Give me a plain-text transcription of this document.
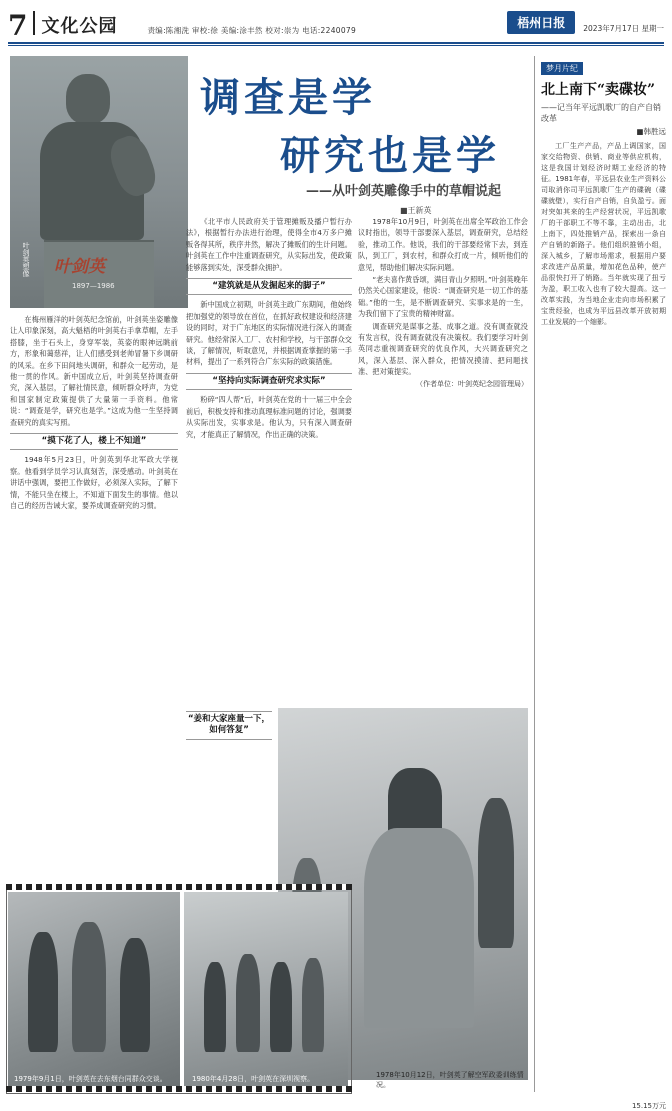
7 文化公园	责编:陈湘洗 审校:徐 美编:涂丰然 校对:崇为 电话:2240079
梧州日报	2023年7月17日 星期一
叶剑英
1897—1986
叶剑英塑像
调查是学
研究也是学
——从叶剑英雕像手中的草帽说起
■王新英

在梅州雁洋的叶剑英纪念馆前，叶剑英坐姿雕像让人印象深刻，高大魁梧的叶剑英右手拿草帽，左手搭膝，坐于石头上，身穿军装，英姿的眼神远眺前方，形象和蔼慈祥，让人们感受到老帅冒暑下乡调研的风采。在乡下田间地头调研，和群众一起劳动，是他一贯的作风。新中国成立后，叶剑英坚持调查研究，深入基层，了解社情民意，倾听群众呼声，为党和国家制定政策提供了大量第一手资料。他常说：“调查是学，研究也是学。”这成为他一生坚持调查研究的真实写照。

“摸下花了人，楼上不知道”

1948年5月23日，叶剑英到华北军政大学视察。他看到学员学习认真刻苦，深受感动。叶剑英在讲话中强调，要把工作做好，必须深入实际，了解下情，不能只坐在楼上，不知道下面发生的事情。他以自己的经历告诫大家，要养成调查研究的习惯。

《北平市人民政府关于管理摊贩及播户暂行办法》，根据暂行办法进行治理，使得全市4万多户摊贩各得其所，秩序井然，解决了摊贩们的生计问题。叶剑英在工作中注重调查研究，从实际出发，使政策能够落到实处，深受群众拥护。

“建筑就是从发掘起来的脚子”

新中国成立初期，叶剑英主政广东期间，他始终把加强党的领导放在首位，在抓好政权建设和经济建设的同时，对于广东地区的实际情况进行深入的调查研究。他经常深入工厂、农村和学校，与干部群众交谈，了解情况，听取意见，并根据调查掌握的第一手材料，提出了一系列符合广东实际的政策措施。

“坚持向实际调查研究求实际”

粉碎“四人帮”后，叶剑英在党的十一届三中全会前后，积极支持和推动真理标准问题的讨论，强调要从实际出发，实事求是。他认为，只有深入调查研究，才能真正了解情况，作出正确的决策。

“姜和大家座量一下，如何答复”

1978年10月9日，叶剑英在出席全军政治工作会议时指出，领导干部要深入基层，调查研究，总结经验，推动工作。他说，我们的干部要经常下去，到连队，到工厂，到农村，和群众打成一片，倾听他们的意见，帮助他们解决实际问题。

“老夫喜作黄昏颂，满目青山夕照明。”叶剑英晚年仍然关心国家建设，他说：“调查研究是一切工作的基础。”他的一生，是不断调查研究、实事求是的一生，为我们留下了宝贵的精神财富。

调查研究是谋事之基、成事之道。没有调查就没有发言权，没有调查就没有决策权。我们要学习叶剑英同志重视调查研究的优良作风，大兴调查研究之风，深入基层、深入群众，把情况摸清、把问题找准、把对策提实。

（作者单位：叶剑英纪念园管理局）

1978年10月12日，叶剑英了解空军政委训练情况。
1979年9月1日，叶剑英在去东烟台同群众交谈。	1980年4月28日，叶剑英在深圳视察。
梦月片纪
北上南下“卖碟妆”
——记当年平远凯歌厂的自产自销改革
■韩胜远

工厂生产产品，产品上调国家，国家交给物资、供销、商业等供应机构，这是我国计划经济时期工业经济的特征。1981年春，平远县农业生产资料公司取消你司平远凯歌厂生产的碟碗（碟碟就壁），实行自产自销，自负盈亏。面对突如其来的生产经营状况，平远凯歌厂的干部职工不等不靠，主动出击，北上南下，四处推销产品，探索出一条自产自销的新路子。他们组织推销小组，深入城乡，了解市场需求，根据用户要求改进产品质量，增加花色品种，使产品很快打开了销路。当年就实现了扭亏为盈，职工收入也有了较大提高。这一改革实践，为当地企业走向市场积累了宝贵经验，也成为平远县改革开放初期工业发展的一个缩影。

15.15万元
